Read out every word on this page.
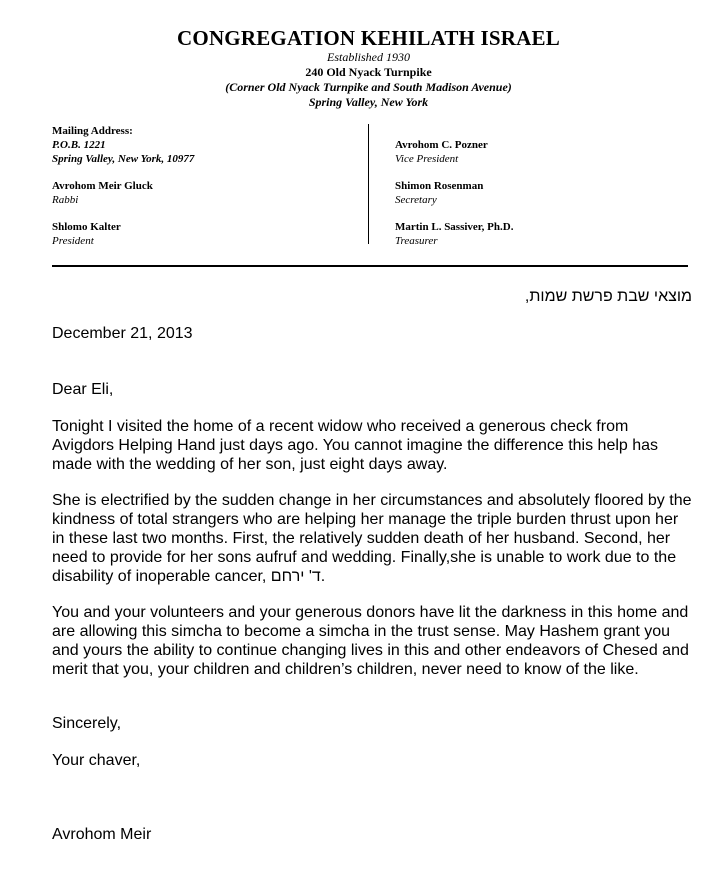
CONGREGATION KEHILATH ISRAEL
Established 1930
240 Old Nyack Turnpike
(Corner Old Nyack Turnpike and South Madison Avenue)
Spring Valley, New York
Mailing Address:
P.O.B. 1221
Spring Valley, New York, 10977
Avrohom Meir Gluck
Rabbi
Shlomo Kalter
President
Avrohom C. Pozner
Vice President
Shimon Rosenman
Secretary
Martin L. Sassiver, Ph.D.
Treasurer
מוצאי שבת פרשת שמות,
December 21, 2013
Dear Eli,
Tonight I visited the home of a recent widow who received a generous check from Avigdors Helping Hand just days ago. You cannot imagine the difference this help has made with the wedding of her son, just eight days away.
She is electrified by the sudden change in her circumstances and absolutely floored by the kindness of total strangers who are helping her manage the triple burden thrust upon her in these last two months. First, the relatively sudden death of her husband. Second, her need to provide for her sons aufruf and wedding. Finally,she is unable to work due to the disability of inoperable cancer, ד' ירחם.
You and your volunteers and your generous donors have lit the darkness in this home and are allowing this simcha to become a simcha in the trust sense. May Hashem grant you and yours the ability to continue changing lives in this and other endeavors of Chesed and merit that you, your children and children’s children, never need to know of the like.
Sincerely,
Your chaver,
Avrohom Meir
